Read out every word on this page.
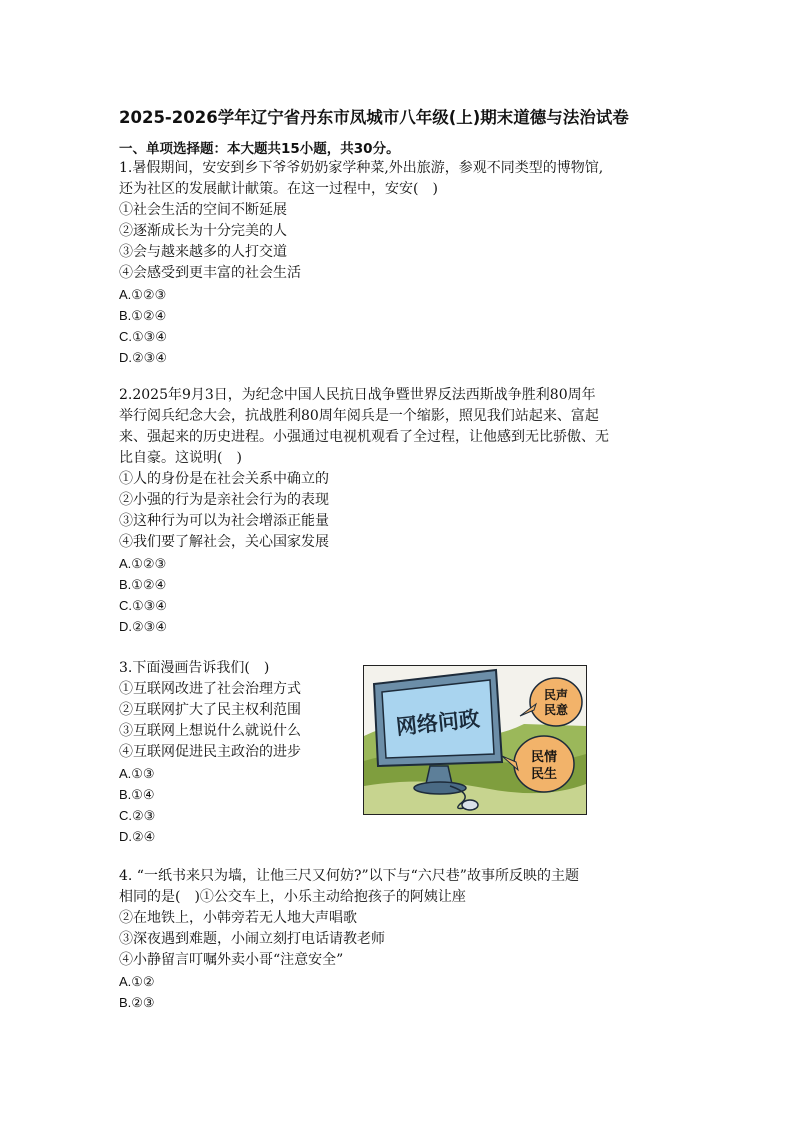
2025-2026学年辽宁省丹东市凤城市八年级(上)期末道德与法治试卷
一、单项选择题：本大题共15小题，共30分。
1.暑假期间，安安到乡下爷爷奶奶家学种菜,外出旅游，参观不同类型的博物馆,
还为社区的发展献计献策。在这一过程中，安安(　)
①社会生活的空间不断延展
②逐渐成长为十分完美的人
③会与越来越多的人打交道
④会感受到更丰富的社会生活
A.①②③
B.①②④
C.①③④
D.②③④
2.2025年9月3日，为纪念中国人民抗日战争暨世界反法西斯战争胜利80周年
举行阅兵纪念大会，抗战胜利80周年阅兵是一个缩影，照见我们站起来、富起
来、强起来的历史进程。小强通过电视机观看了全过程，让他感到无比骄傲、无
比自豪。这说明(　)
①人的身份是在社会关系中确立的
②小强的行为是亲社会行为的表现
③这种行为可以为社会增添正能量
④我们要了解社会，关心国家发展
A.①②③
B.①②④
C.①③④
D.②③④
3.下面漫画告诉我们(　)
①互联网改进了社会治理方式
②互联网扩大了民主权利范围
③互联网上想说什么就说什么
④互联网促进民主政治的进步
A.①③
B.①④
C.②③
D.②④
网络问政
民声
民意
民情
民生
4. “一纸书来只为墙，让他三尺又何妨?”以下与“六尺巷”故事所反映的主题
相同的是(　)①公交车上，小乐主动给抱孩子的阿姨让座
②在地铁上，小韩旁若无人地大声唱歌
③深夜遇到难题，小闹立刻打电话请教老师
④小静留言叮嘱外卖小哥“注意安全”
A.①②
B.②③
